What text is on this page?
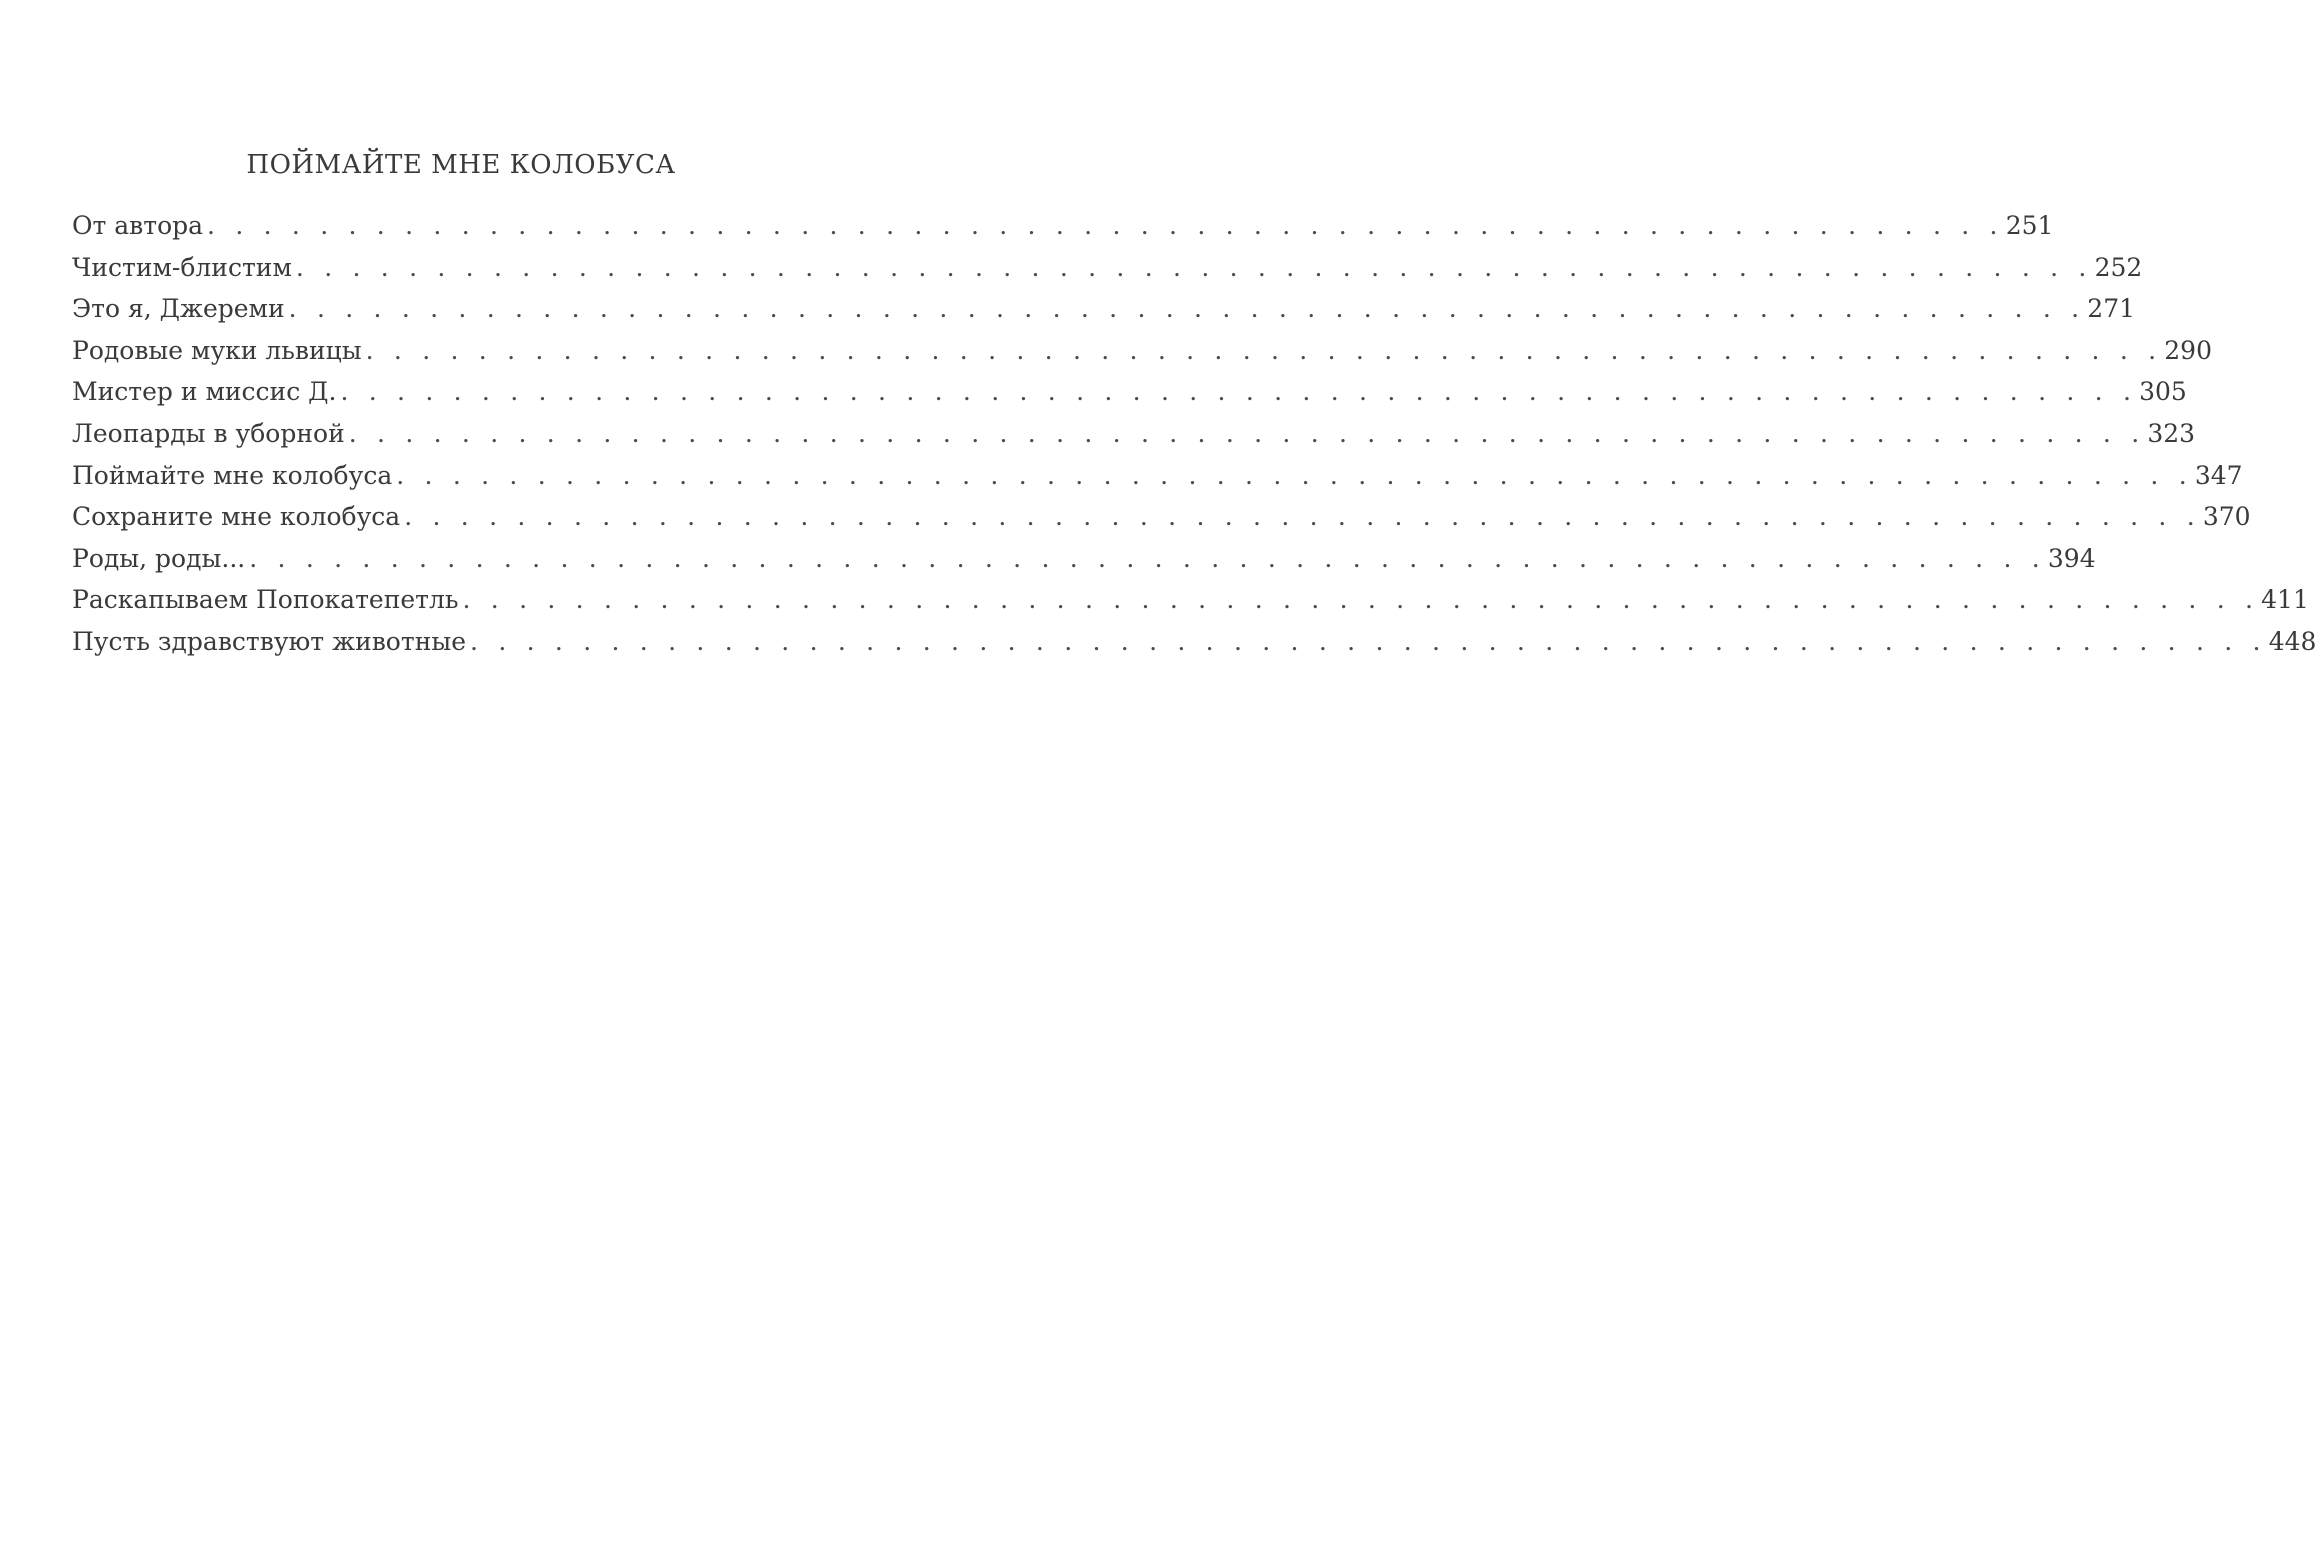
ПОЙМАЙТЕ МНЕ КОЛОБУСА
От автора . . . . . . . . . . . . . . . . . . . . . . . . . . . . . . . . . . . . . . . . . . . . . . . . . . . . . . . . . . . . . . . . 251
Чистим-блистим . . . . . . . . . . . . . . . . . . . . . . . . . . . . . . . . . . . . . . . . . . . . . . . . . . . . . . . . . . . . . . . . 252
Это я, Джереми . . . . . . . . . . . . . . . . . . . . . . . . . . . . . . . . . . . . . . . . . . . . . . . . . . . . . . . . . . . . . . . . 271
Родовые муки львицы . . . . . . . . . . . . . . . . . . . . . . . . . . . . . . . . . . . . . . . . . . . . . . . . . . . . . . . . . . . . . . . . 290
Мистер и миссис Д. . . . . . . . . . . . . . . . . . . . . . . . . . . . . . . . . . . . . . . . . . . . . . . . . . . . . . . . . . . . . . . . . 305
Леопарды в уборной . . . . . . . . . . . . . . . . . . . . . . . . . . . . . . . . . . . . . . . . . . . . . . . . . . . . . . . . . . . . . . . . 323
Поймайте мне колобуса . . . . . . . . . . . . . . . . . . . . . . . . . . . . . . . . . . . . . . . . . . . . . . . . . . . . . . . . . . . . . . . . 347
Сохраните мне колобуса . . . . . . . . . . . . . . . . . . . . . . . . . . . . . . . . . . . . . . . . . . . . . . . . . . . . . . . . . . . . . . . . 370
Роды, роды... . . . . . . . . . . . . . . . . . . . . . . . . . . . . . . . . . . . . . . . . . . . . . . . . . . . . . . . . . . . . . . . . 394
Раскапываем Попокатепетль . . . . . . . . . . . . . . . . . . . . . . . . . . . . . . . . . . . . . . . . . . . . . . . . . . . . . . . . . . . . . . . . 411
Пусть здравствуют животные . . . . . . . . . . . . . . . . . . . . . . . . . . . . . . . . . . . . . . . . . . . . . . . . . . . . . . . . . . . . . . . . 448
